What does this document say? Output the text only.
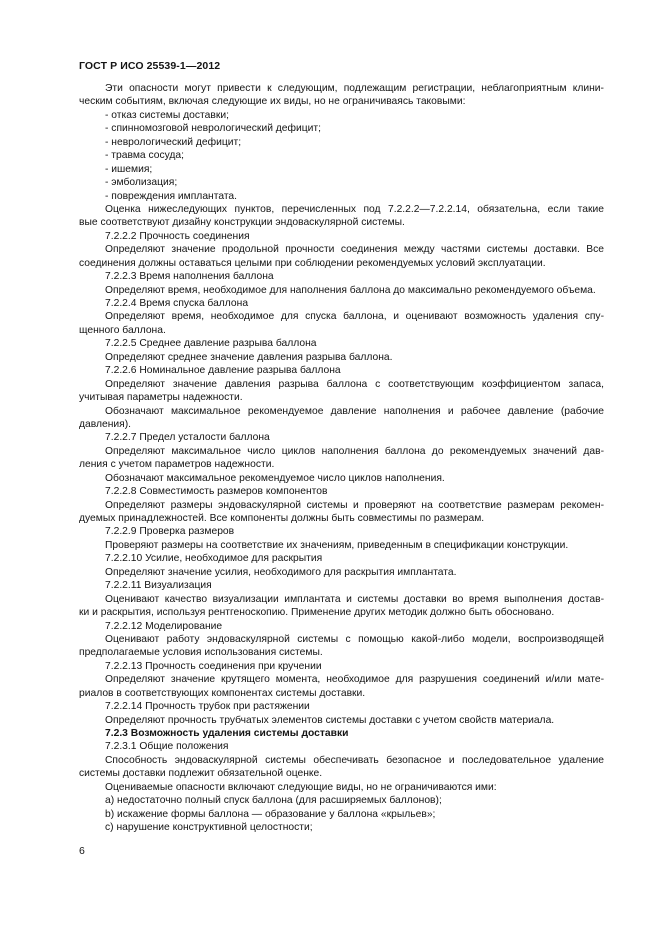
ГОСТ Р ИСО 25539-1—2012
Эти опасности могут привести к следующим, подлежащим регистрации, неблагоприятным клини-
ческим событиям, включая следующие их виды, но не ограничиваясь таковыми:
- отказ системы доставки;
- спинномозговой неврологический дефицит;
- неврологический дефицит;
- травма сосуда;
- ишемия;
- эмболизация;
- повреждения имплантата.
Оценка нижеследующих пунктов, перечисленных под 7.2.2.2—7.2.2.14, обязательна, если такие
вые соответствуют дизайну конструкции эндоваскулярной системы.
7.2.2.2 Прочность соединения
Определяют значение продольной прочности соединения между частями системы доставки. Все
соединения должны оставаться целыми при соблюдении рекомендуемых условий эксплуатации.
7.2.2.3 Время наполнения баллона
Определяют время, необходимое для наполнения баллона до максимально рекомендуемого объема.
7.2.2.4 Время спуска баллона
Определяют время, необходимое для спуска баллона, и оценивают возможность удаления спу-
щенного баллона.
7.2.2.5 Среднее давление разрыва баллона
Определяют среднее значение давления разрыва баллона.
7.2.2.6 Номинальное давление разрыва баллона
Определяют значение давления разрыва баллона с соответствующим коэффициентом запаса,
учитывая параметры надежности.
Обозначают максимальное рекомендуемое давление наполнения и рабочее давление (рабочие
давления).
7.2.2.7 Предел усталости баллона
Определяют максимальное число циклов наполнения баллона до рекомендуемых значений дав-
ления с учетом параметров надежности.
Обозначают максимальное рекомендуемое число циклов наполнения.
7.2.2.8 Совместимость размеров компонентов
Определяют размеры эндоваскулярной системы и проверяют на соответствие размерам рекомен-
дуемых принадлежностей. Все компоненты должны быть совместимы по размерам.
7.2.2.9 Проверка размеров
Проверяют размеры на соответствие их значениям, приведенным в спецификации конструкции.
7.2.2.10 Усилие, необходимое для раскрытия
Определяют значение усилия, необходимого для раскрытия имплантата.
7.2.2.11 Визуализация
Оценивают качество визуализации имплантата и системы доставки во время выполнения достав-
ки и раскрытия, используя рентгеноскопию. Применение других методик должно быть обосновано.
7.2.2.12 Моделирование
Оценивают работу эндоваскулярной системы с помощью какой-либо модели, воспроизводящей
предполагаемые условия использования системы.
7.2.2.13 Прочность соединения при кручении
Определяют значение крутящего момента, необходимое для разрушения соединений и/или мате-
риалов в соответствующих компонентах системы доставки.
7.2.2.14 Прочность трубок при растяжении
Определяют прочность трубчатых элементов системы доставки с учетом свойств материала.
7.2.3 Возможность удаления системы доставки
7.2.3.1 Общие положения
Способность эндоваскулярной системы обеспечивать безопасное и последовательное удаление
системы доставки подлежит обязательной оценке.
Оцениваемые опасности включают следующие виды, но не ограничиваются ими:
а) недостаточно полный спуск баллона (для расширяемых баллонов);
b) искажение формы баллона — образование у баллона «крыльев»;
с) нарушение конструктивной целостности;
6
